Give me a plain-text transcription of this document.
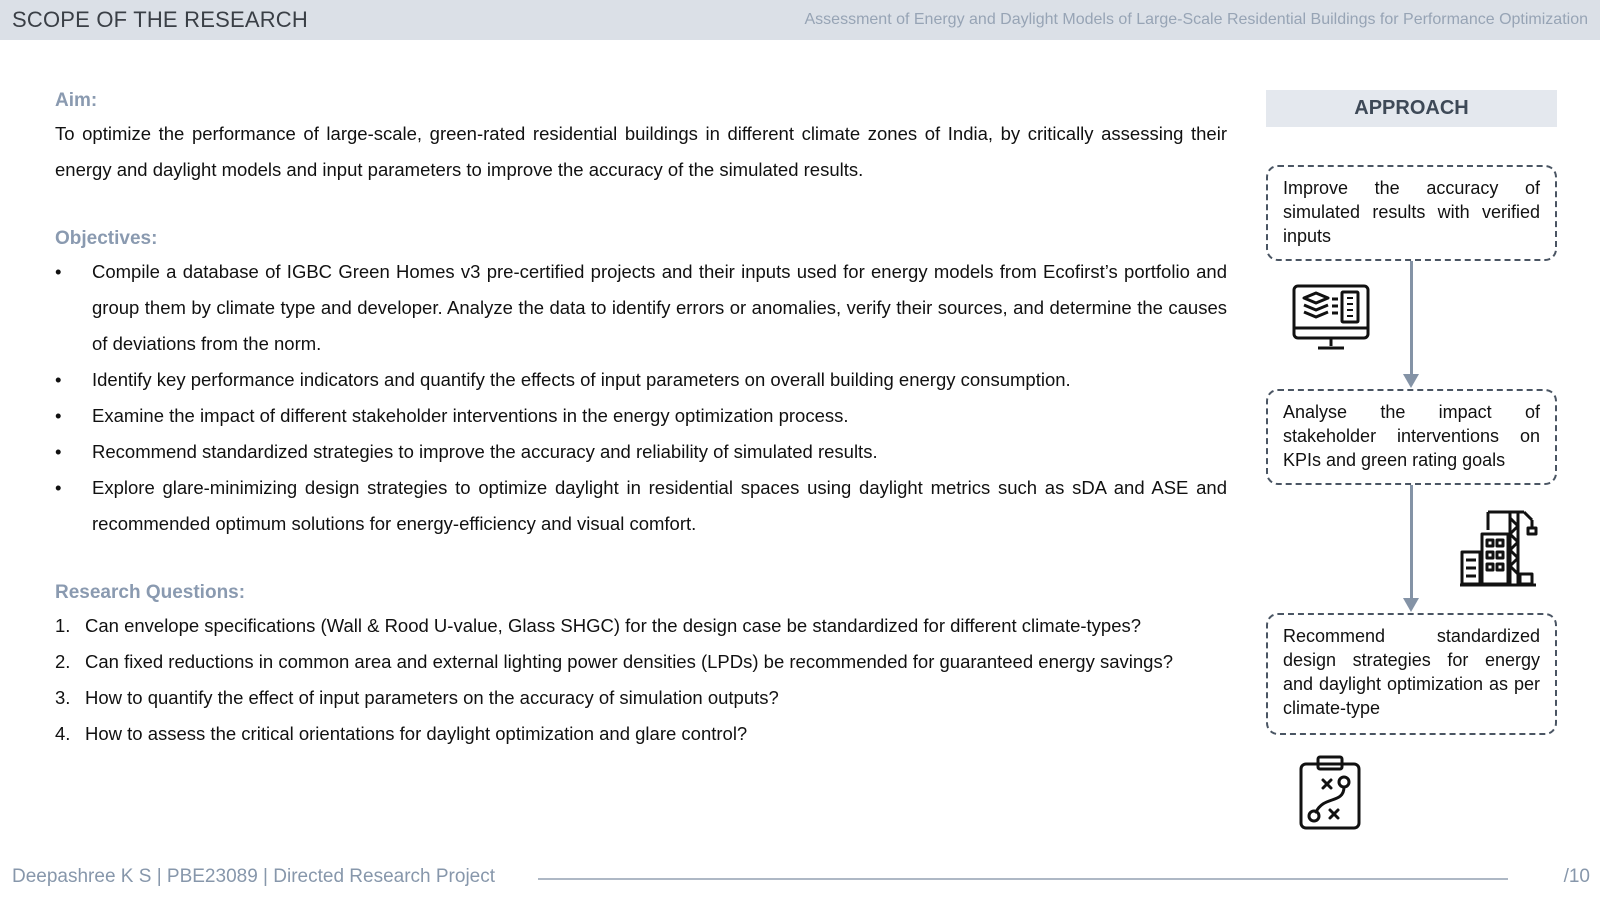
SCOPE OF THE RESEARCH	Assessment of Energy and Daylight Models of Large-Scale Residential Buildings for Performance Optimization
Aim:

To optimize the performance of large-scale, green-rated residential buildings in different climate zones of India, by critically assessing their energy and daylight models and input parameters to improve the accuracy of the simulated results.

Objectives:
• Compile a database of IGBC Green Homes v3 pre-certified projects and their inputs used for energy models from Ecofirst’s portfolio and group them by climate type and developer. Analyze the data to identify errors or anomalies, verify their sources, and determine the causes of deviations from the norm.
• Identify key performance indicators and quantify the effects of input parameters on overall building energy consumption.
• Examine the impact of different stakeholder interventions in the energy optimization process.
• Recommend standardized strategies to improve the accuracy and reliability of simulated results.
• Explore glare-minimizing design strategies to optimize daylight in residential spaces using daylight metrics such as sDA and ASE and recommended optimum solutions for energy-efficiency and visual comfort.
Research Questions:
1. Can envelope specifications (Wall & Rood U-value, Glass SHGC) for the design case be standardized for different climate-types?
2. Can fixed reductions in common area and external lighting power densities (LPDs) be recommended for guaranteed energy savings?
3. How to quantify the effect of input parameters on the accuracy of simulation outputs?
4. How to assess the critical orientations for daylight optimization and glare control?
APPROACH
Improve the accuracy of simulated results with verified inputs
Analyse the impact of stakeholder interventions on KPIs and green rating goals
Recommend standardized design strategies for energy and daylight optimization as per climate-type
Deepashree K S | PBE23089 | Directed Research Project	/10
